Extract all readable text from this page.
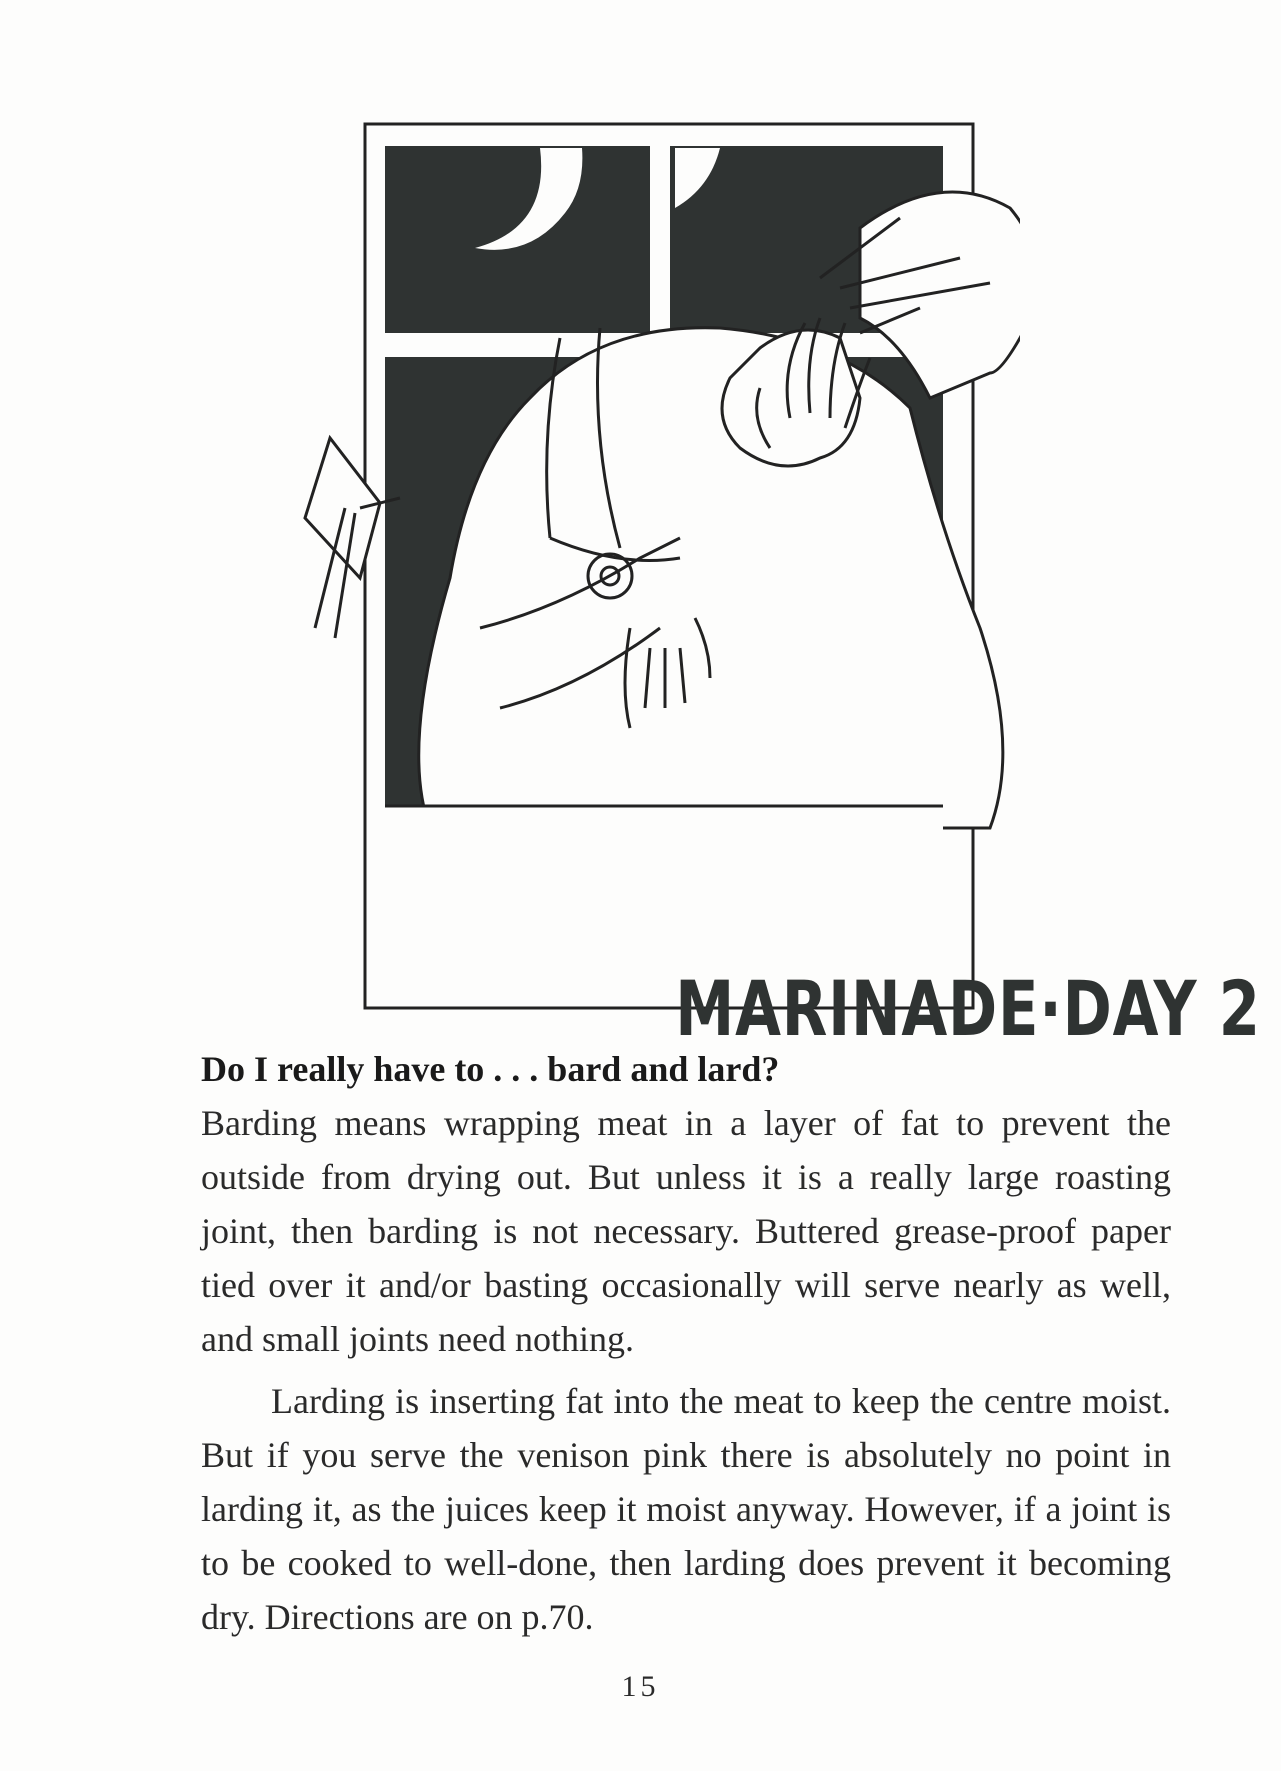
MARINADE·DAY 2

Do I really have to . . . bard and lard?

Barding means wrapping meat in a layer of fat to prevent the outside from drying out. But unless it is a really large roasting joint, then barding is not necessary. Buttered grease-proof paper tied over it and/or basting occasionally will serve nearly as well, and small joints need nothing.

Larding is inserting fat into the meat to keep the centre moist. But if you serve the venison pink there is absolutely no point in larding it, as the juices keep it moist anyway. However, if a joint is to be cooked to well-done, then larding does prevent it becoming dry. Directions are on p.70.

15
